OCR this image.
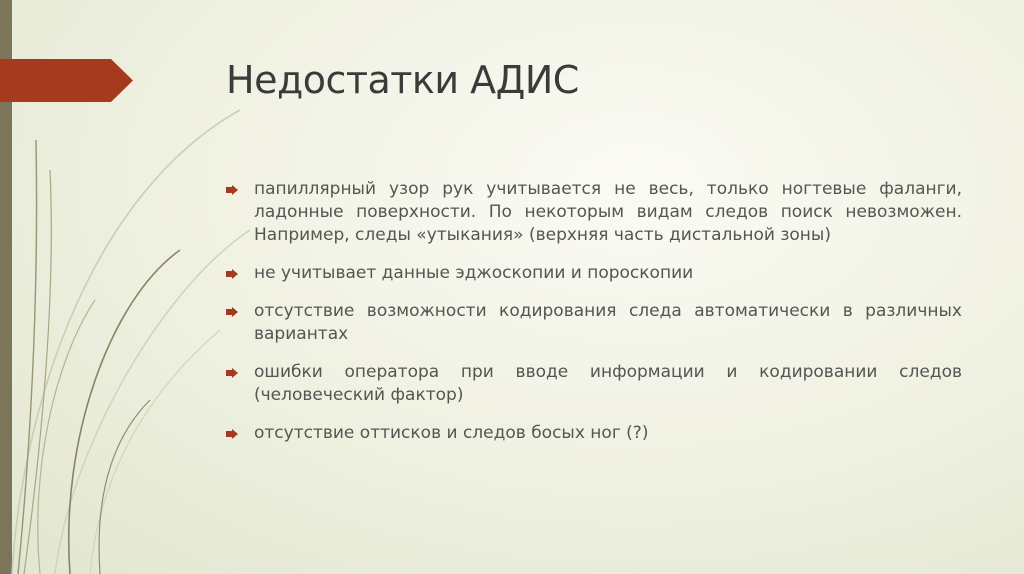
Недостатки АДИС
папиллярный узор рук учитывается не весь, только ногтевые фаланги, ладонные поверхности. По некоторым видам следов поиск невозможен. Например, следы «утыкания» (верхняя часть дистальной зоны)
не учитывает данные эджоскопии и пороскопии
отсутствие возможности кодирования следа автоматически в различных вариантах
ошибки оператора при вводе информации и кодировании следов (человеческий фактор)
отсутствие оттисков и следов босых ног (?)
